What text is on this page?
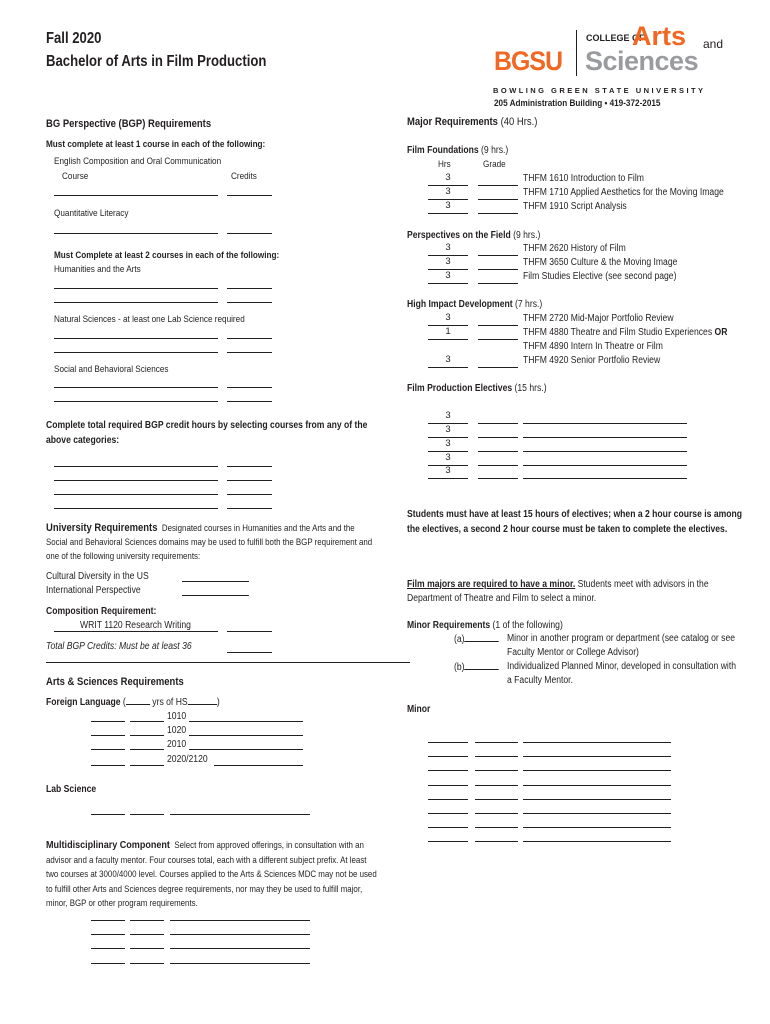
Fall 2020
Bachelor of Arts in Film Production	BGSU
COLLEGE OF
Arts and
Sciences
B O W L I N G   G R E E N   S T A T E   U N I V E R S I T Y
205 Administration Building • 419-372-2015
BG Perspective (BGP) Requirements
Must complete at least 1 course in each of the following:
English Composition and Oral Communication
Course	Credits
Quantitative Literacy
Must Complete at least 2 courses in each of the following:
Humanities and the Arts
Natural Sciences - at least one Lab Science required
Social and Behavioral Sciences
Complete total required BGP credit hours by selecting courses from any of the above categories:
University Requirements Designated courses in Humanities and the Arts and the Social and Behavioral Sciences domains may be used to fulfill both the BGP requirement and one of the following university requirements:
Cultural Diversity in the US
International Perspective
Composition Requirement:
WRIT 1120 Research Writing
Total BGP Credits: Must be at least 36
Arts & Sciences Requirements
Foreign Language (	yrs of HS	)
1010
1020
2010
2020/2120
Lab Science
Multidisciplinary Component Select from approved offerings, in consultation with an advisor and a faculty mentor. Four courses total, each with a different subject prefix. At least two courses at 3000/4000 level. Courses applied to the Arts & Sciences MDC may not be used to fulfill other Arts and Sciences degree requirements, nor may they be used to fulfill major, minor, BGP or other program requirements.
Major Requirements (40 Hrs.)
Film Foundations (9 hrs.)
Hrs	Grade
3	THFM 1610 Introduction to Film
3	THFM 1710 Applied Aesthetics for the Moving Image
3	THFM 1910 Script Analysis
Perspectives on the Field (9 hrs.)
3	THFM 2620 History of Film
3	THFM 3650 Culture & the Moving Image
3	Film Studies Elective (see second page)
High Impact Development (7 hrs.)
3	THFM 2720 Mid-Major Portfolio Review
1	THFM 4880 Theatre and Film Studio Experiences OR
THFM 4890 Intern In Theatre or Film
3	THFM 4920 Senior Portfolio Review
Film Production Electives (15 hrs.)
3
3
3
3
3
Students must have at least 15 hours of electives; when a 2 hour course is among the electives, a second 2 hour course must be taken to complete the electives.
Film majors are required to have a minor. Students meet with advisors in the Department of Theatre and Film to select a minor.
Minor Requirements (1 of the following)
(a)	Minor in another program or department (see catalog or see Faculty Mentor or College Advisor)
(b)	Individualized Planned Minor, developed in consultation with a Faculty Mentor.
Minor
